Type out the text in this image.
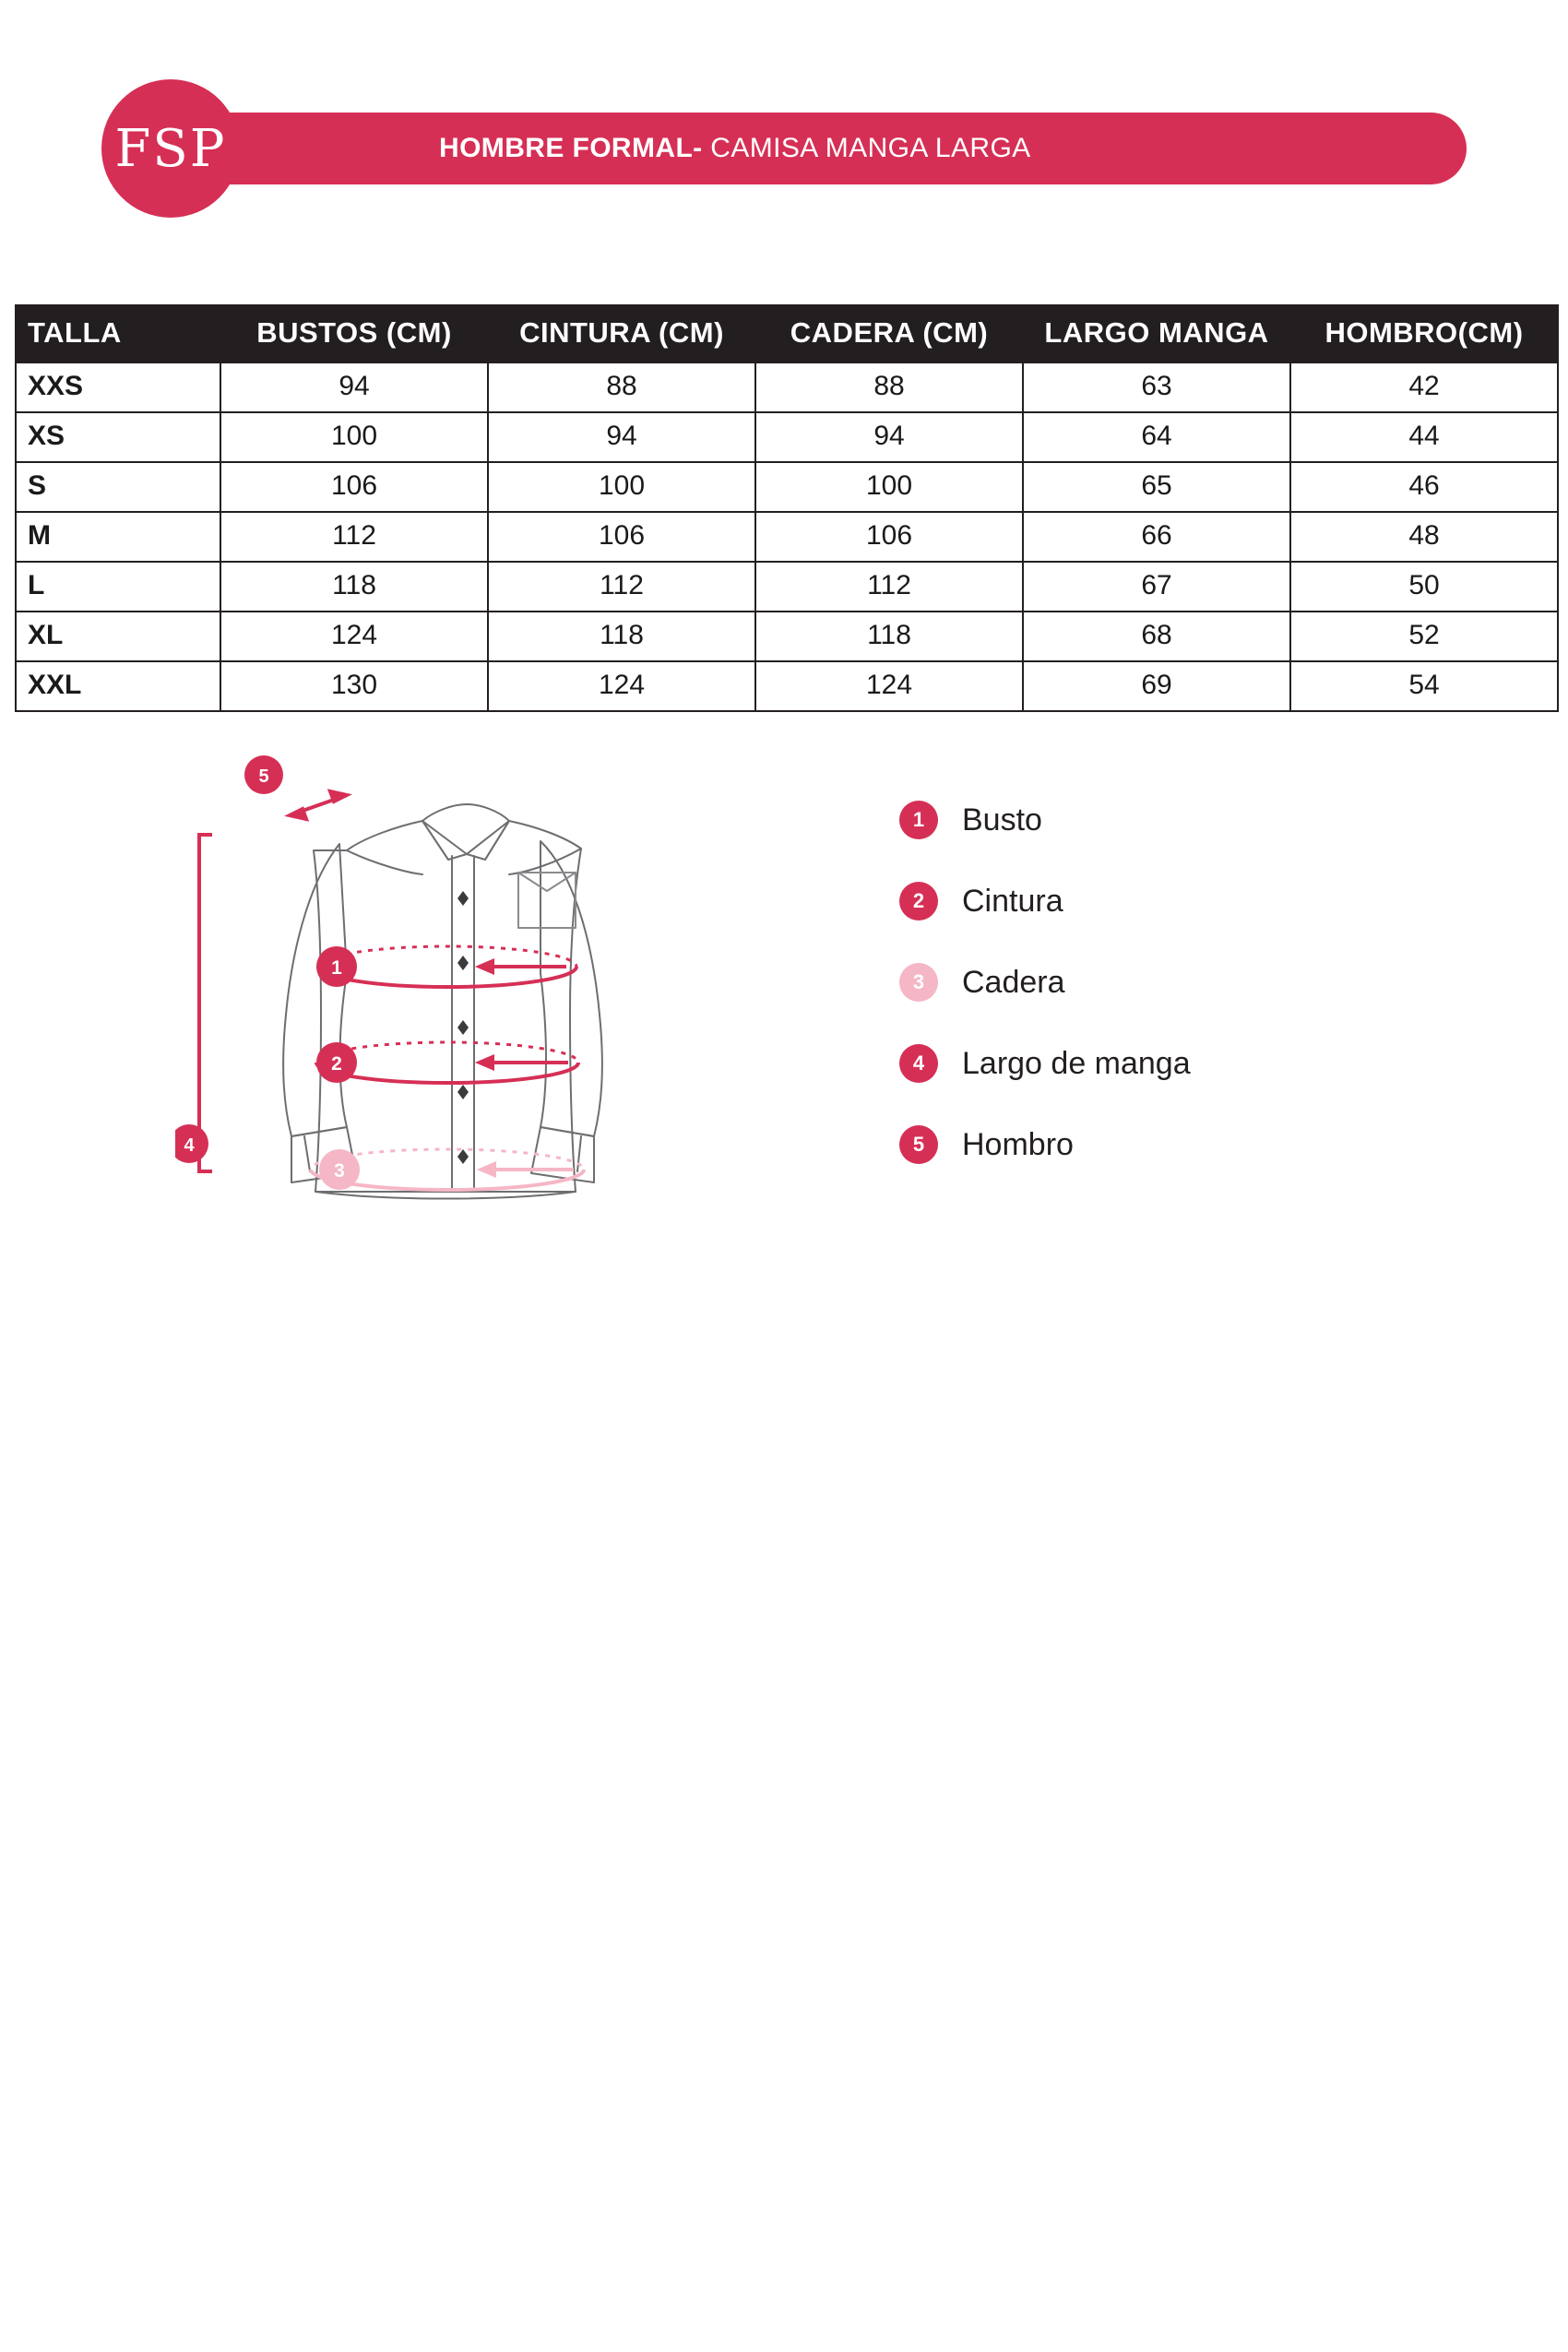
HOMBRE FORMAL- CAMISA MANGA LARGA
FSP
TALLA	BUSTOS (CM)	CINTURA (CM)	CADERA (CM)	LARGO MANGA	HOMBRO(CM)
XXS	94	88	88	63	42
XS	100	94	94	64	44
S	106	100	100	65	46
M	112	106	106	66	48
L	118	112	112	67	50
XL	124	118	118	68	52
XXL	130	124	124	69	54
5
1
2
3
4
1	Busto
2	Cintura
3	Cadera
4	Largo de manga
5	Hombro
